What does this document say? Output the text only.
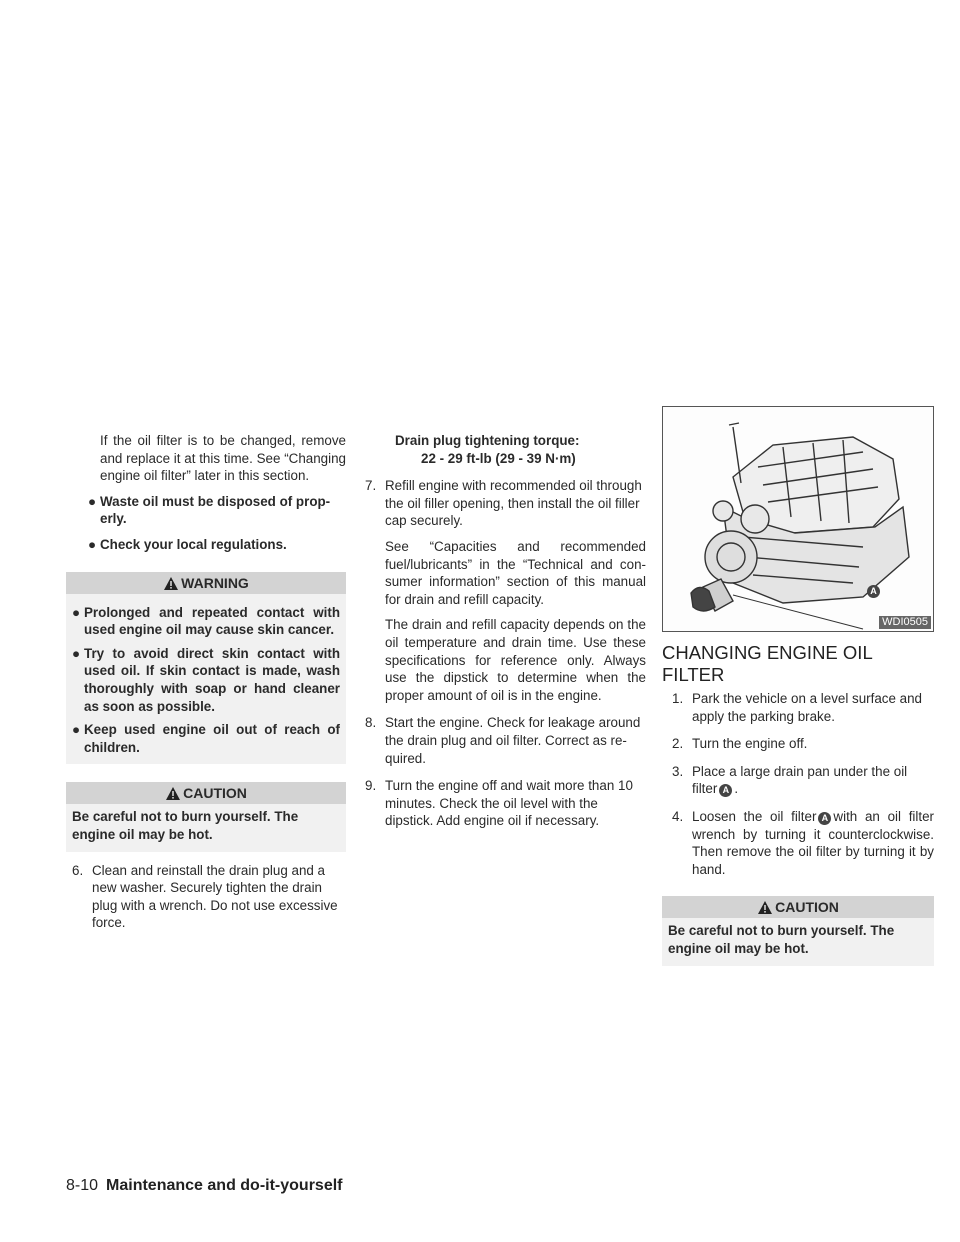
If the oil filter is to be changed, remove and replace it at this time. See “Changing engine oil filter” later in this section.

● Waste oil must be disposed of prop-erly.
● Check your local regulations.
WARNING
● Prolonged and repeated contact with used engine oil may cause skin cancer.
● Try to avoid direct skin contact with used oil. If skin contact is made, wash thoroughly with soap or hand cleaner as soon as possible.
● Keep used engine oil out of reach of children.
CAUTION

Be careful not to burn yourself. The engine oil may be hot.

6. Clean and reinstall the drain plug and a new washer. Securely tighten the drain plug with a wrench. Do not use excessive force.

Drain plug tightening torque:

22 - 29 ft-lb (29 - 39 N·m)

7. Refill engine with recommended oil through the oil filler opening, then install the oil filler cap securely.

See “Capacities and recommended fuel/lubricants” in the “Technical and con-sumer information” section of this manual for drain and refill capacity.

The drain and refill capacity depends on the oil temperature and drain time. Use these specifications for reference only. Always use the dipstick to determine when the proper amount of oil is in the engine.

8. Start the engine. Check for leakage around the drain plug and oil filter. Correct as re-quired.
9. Turn the engine off and wait more than 10 minutes. Check the oil level with the dipstick. Add engine oil if necessary.
A
WDI0505
CHANGING ENGINE OIL FILTER
1. Park the vehicle on a level surface and apply the parking brake.
2. Turn the engine off.
3. Place a large drain pan under the oil filter A .
4. Loosen the oil filter A with an oil filter wrench by turning it counterclockwise. Then remove the oil filter by turning it by hand.
CAUTION

Be careful not to burn yourself. The engine oil may be hot.

8-10 Maintenance and do-it-yourself
